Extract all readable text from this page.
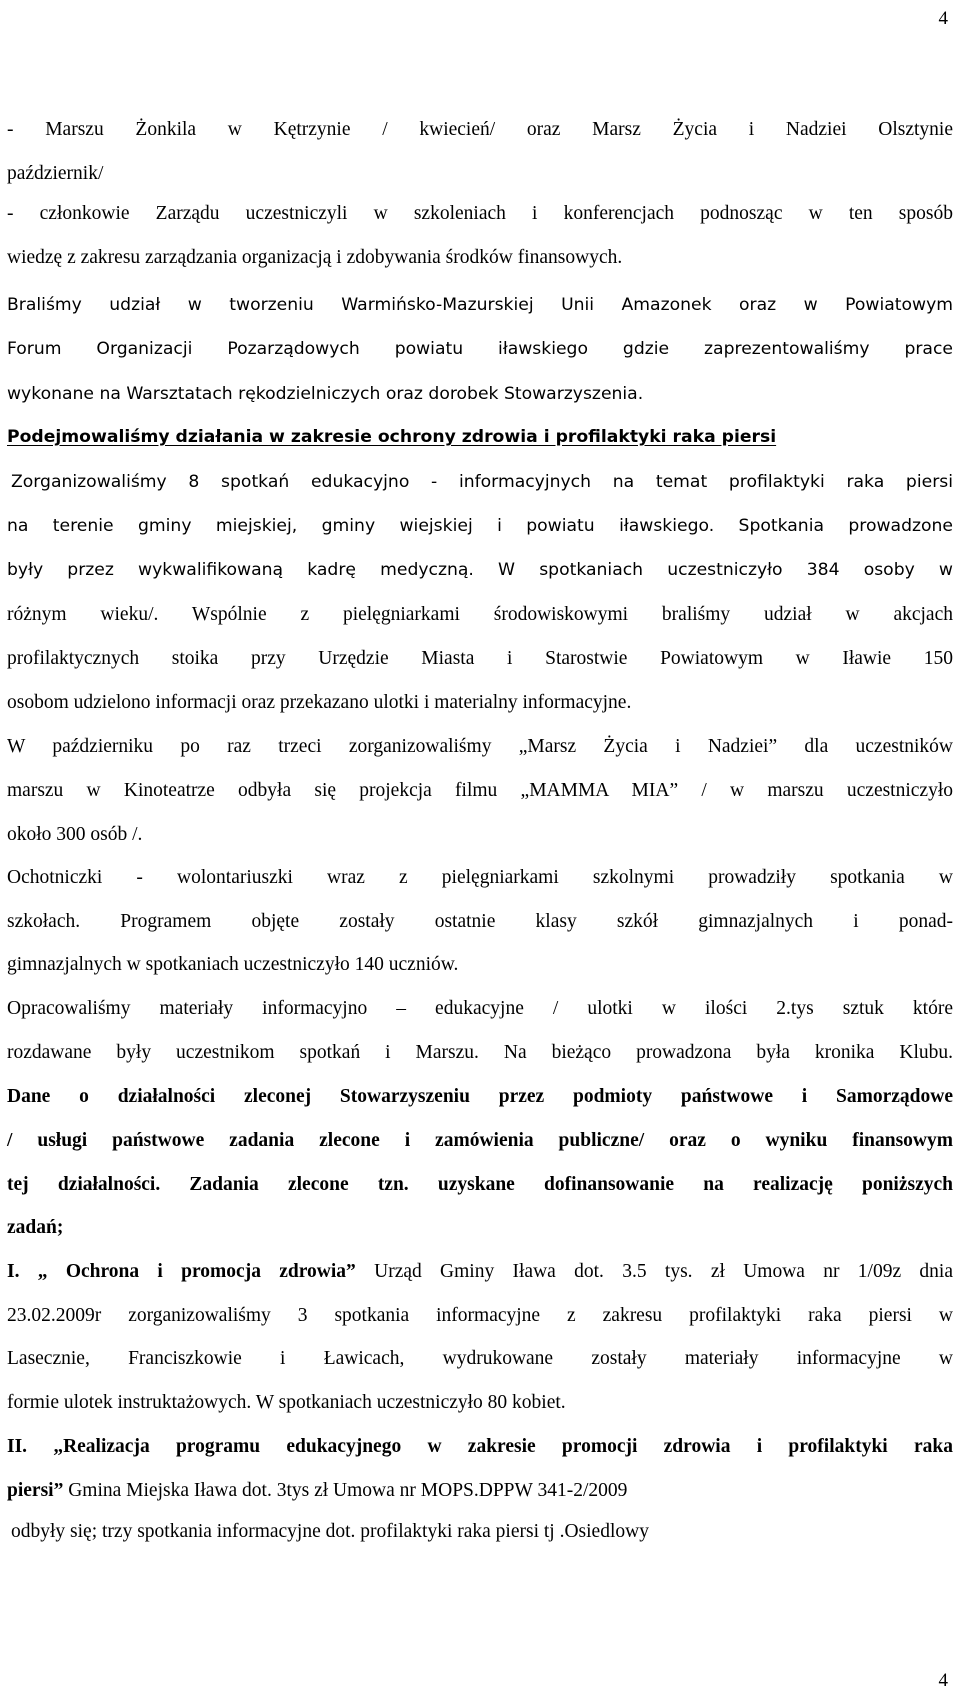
4
- Marszu Żonkila w Kętrzynie / kwiecień/ oraz Marsz Życia i Nadziei Olsztynie
październik/
- członkowie Zarządu uczestniczyli w szkoleniach i konferencjach podnosząc w ten sposób
wiedzę z zakresu zarządzania organizacją i zdobywania środków finansowych.
Braliśmy udział w tworzeniu Warmińsko-Mazurskiej Unii Amazonek oraz w Powiatowym
Forum Organizacji Pozarządowych powiatu iławskiego gdzie zaprezentowaliśmy prace
wykonane na Warsztatach rękodzielniczych oraz dorobek Stowarzyszenia.
Podejmowaliśmy działania w zakresie ochrony zdrowia i profilaktyki raka piersi
Zorganizowaliśmy 8 spotkań edukacyjno - informacyjnych na temat profilaktyki raka piersi
na terenie gminy miejskiej, gminy wiejskiej i powiatu iławskiego. Spotkania prowadzone
były przez wykwalifikowaną kadrę medyczną. W spotkaniach uczestniczyło 384 osoby w
różnym wieku/. Wspólnie z pielęgniarkami środowiskowymi braliśmy udział w akcjach
profilaktycznych stoika przy Urzędzie Miasta i Starostwie Powiatowym w Iławie 150
osobom udzielono informacji oraz przekazano ulotki i materialny informacyjne.
W październiku po raz trzeci zorganizowaliśmy „Marsz Życia i Nadziei” dla uczestników
marszu w Kinoteatrze odbyła się projekcja filmu „MAMMA MIA” / w marszu uczestniczyło
około 300 osób /.
Ochotniczki - wolontariuszki wraz z pielęgniarkami szkolnymi prowadziły spotkania w
szkołach. Programem objęte zostały ostatnie klasy szkół gimnazjalnych i ponad-
gimnazjalnych w spotkaniach uczestniczyło 140 uczniów.
Opracowaliśmy materiały informacyjno – edukacyjne / ulotki w ilości 2.tys sztuk które
rozdawane były uczestnikom spotkań i Marszu. Na bieżąco prowadzona była kronika Klubu.
Dane o działalności zleconej Stowarzyszeniu przez podmioty państwowe i Samorządowe
/ usługi państwowe zadania zlecone i zamówienia publiczne/ oraz o wyniku finansowym
tej działalności. Zadania zlecone tzn. uzyskane dofinansowanie na realizację poniższych
zadań;
I. „ Ochrona i promocja zdrowia” Urząd Gminy Iława dot. 3.5 tys. zł Umowa nr 1/09z dnia
23.02.2009r zorganizowaliśmy 3 spotkania informacyjne z zakresu profilaktyki raka piersi w
Lasecznie, Franciszkowie i Ławicach, wydrukowane zostały materiały informacyjne w
formie ulotek instruktażowych. W spotkaniach uczestniczyło 80 kobiet.
II. „Realizacja programu edukacyjnego w zakresie promocji zdrowia i profilaktyki raka
piersi” Gmina Miejska Iława dot. 3tys zł Umowa nr MOPS.DPPW 341-2/2009
odbyły się; trzy spotkania informacyjne dot. profilaktyki raka piersi tj .Osiedlowy
4
